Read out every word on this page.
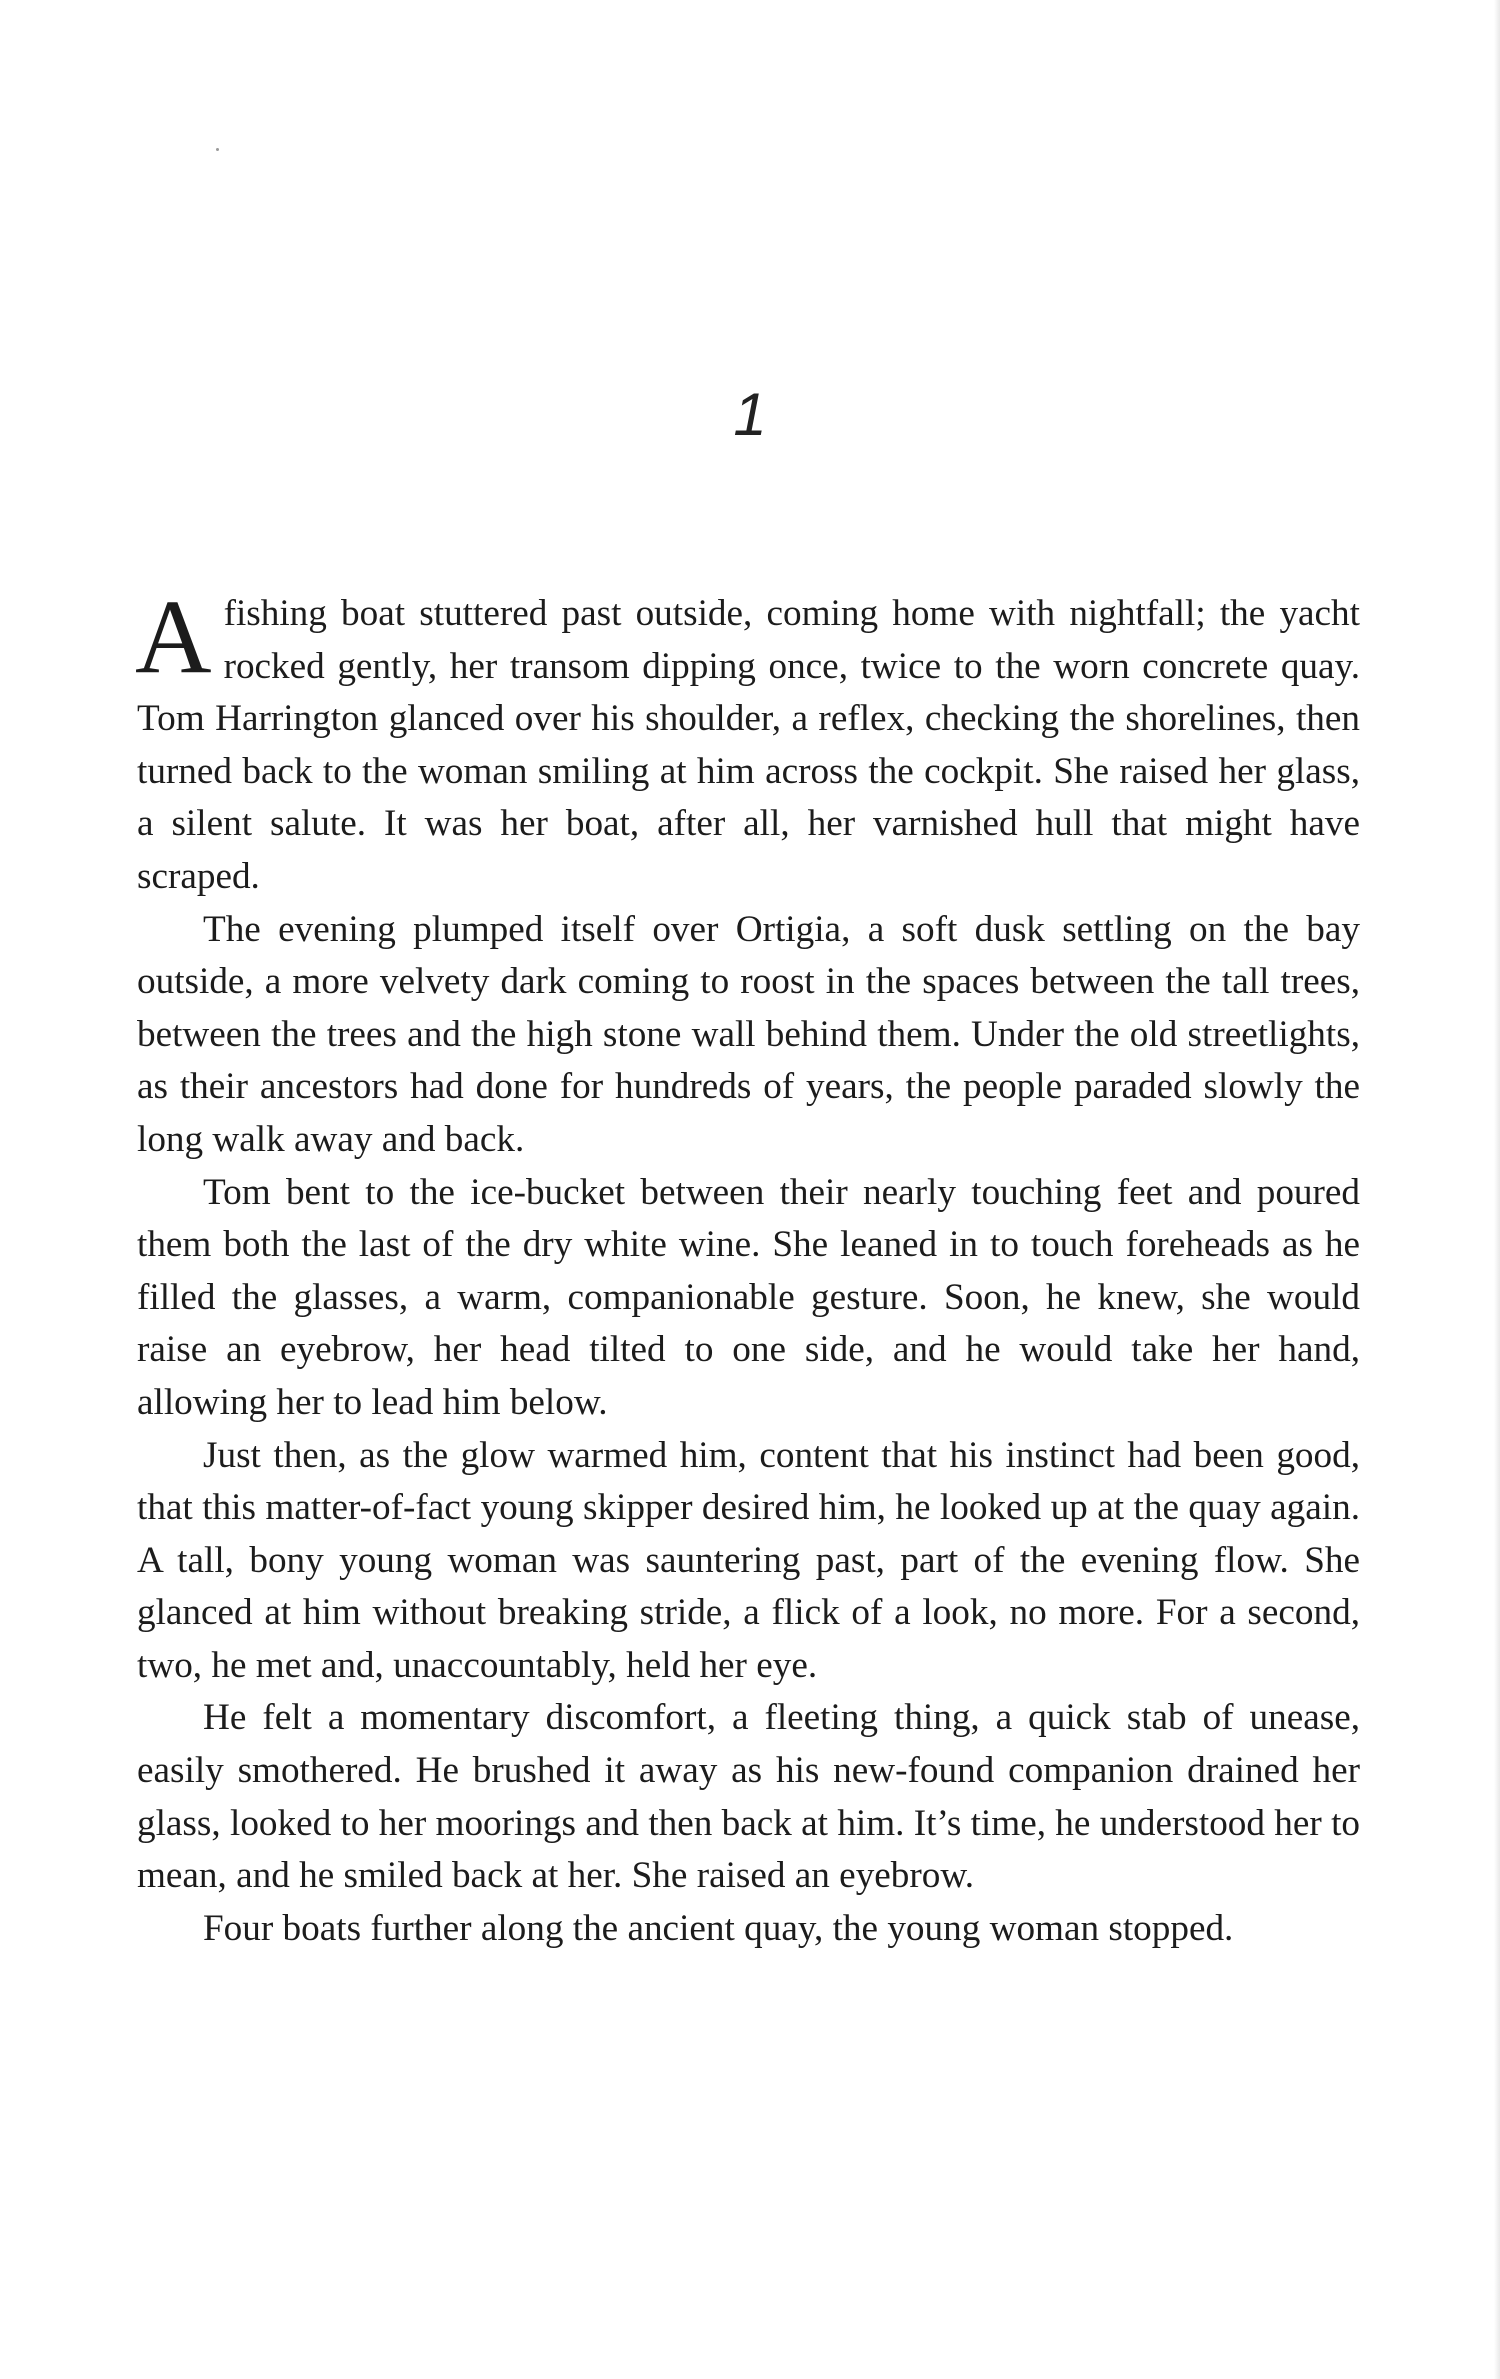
1

Afishing boat stuttered past outside, coming home with nightfall; the yacht rocked gently, her transom dipping once, twice to the worn concrete quay. Tom Harrington glanced over his shoulder, a reflex, checking the shorelines, then turned back to the woman smiling at him across the cockpit. She raised her glass, a silent salute. It was her boat, after all, her varnished hull that might have scraped.

The evening plumped itself over Ortigia, a soft dusk settling on the bay outside, a more velvety dark coming to roost in the spaces between the tall trees, between the trees and the high stone wall behind them. Under the old streetlights, as their ancestors had done for hundreds of years, the people paraded slowly the long walk away and back.

Tom bent to the ice-bucket between their nearly touching feet and poured them both the last of the dry white wine. She leaned in to touch foreheads as he filled the glasses, a warm, companionable gesture. Soon, he knew, she would raise an eyebrow, her head tilted to one side, and he would take her hand, allowing her to lead him below.

Just then, as the glow warmed him, content that his instinct had been good, that this matter-of-fact young skipper desired him, he looked up at the quay again. A tall, bony young woman was sauntering past, part of the evening flow. She glanced at him without breaking stride, a flick of a look, no more. For a second, two, he met and, unaccountably, held her eye.

He felt a momentary discomfort, a fleeting thing, a quick stab of unease, easily smothered. He brushed it away as his new-found companion drained her glass, looked to her moorings and then back at him. It’s time, he understood her to mean, and he smiled back at her. She raised an eyebrow.

Four boats further along the ancient quay, the young woman stopped.
